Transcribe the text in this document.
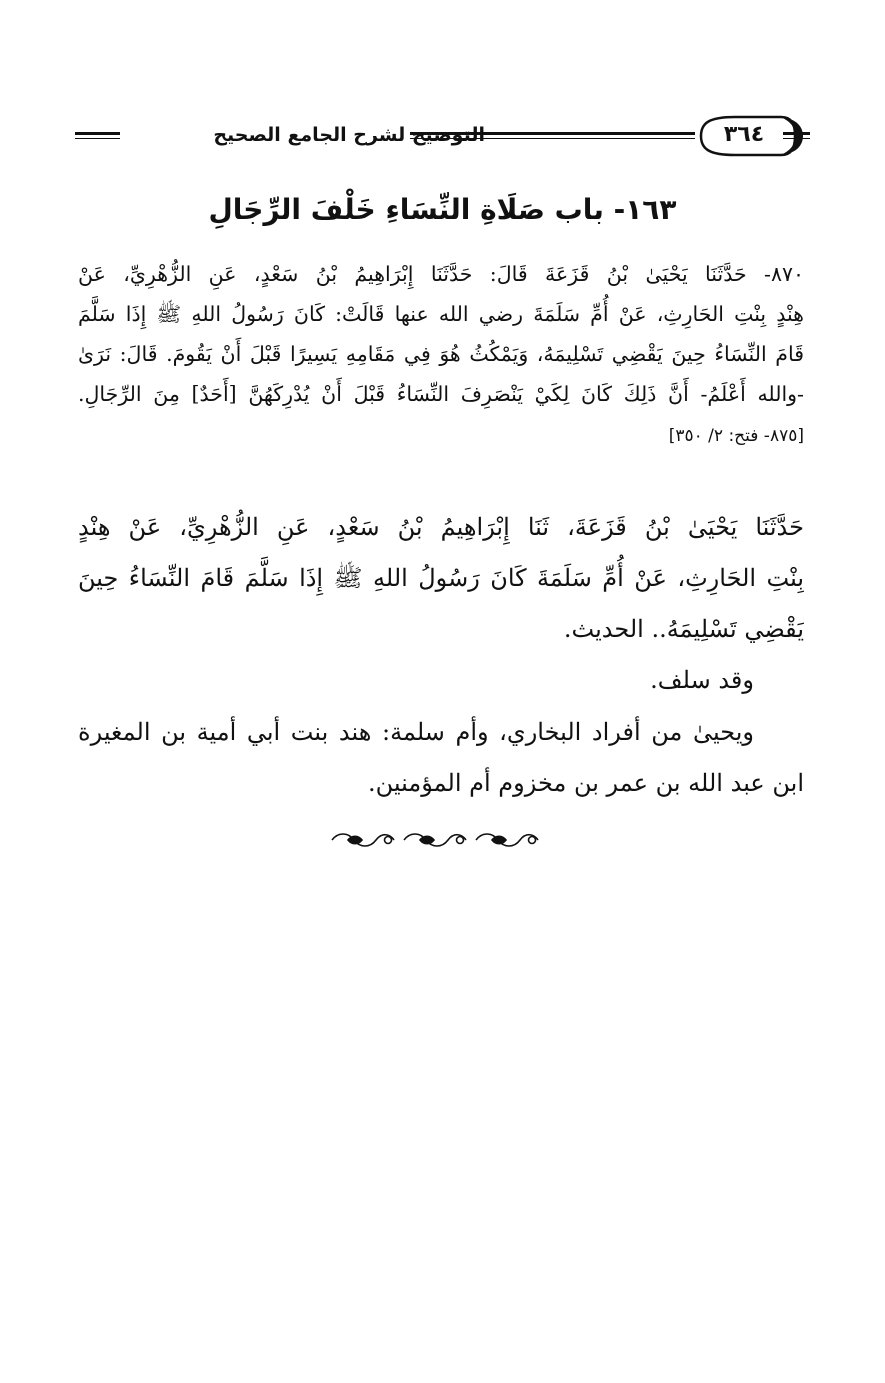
التوضيح لشرح الجامع الصحيح	٣٦٤
١٦٣- باب صَلَاةِ النِّسَاءِ خَلْفَ الرِّجَالِ
٨٧٠- حَدَّثَنَا يَحْيَىٰ بْنُ قَزَعَةَ قَالَ: حَدَّثَنَا إِبْرَاهِيمُ بْنُ سَعْدٍ، عَنِ الزُّهْرِيِّ، عَنْ
هِنْدٍ بِنْتِ الحَارِثِ، عَنْ أُمِّ سَلَمَةَ رضي الله عنها قَالَتْ: كَانَ رَسُولُ اللهِ ﷺ إِذَا سَلَّمَ
قَامَ النِّسَاءُ حِينَ يَقْضِي تَسْلِيمَهُ، وَيَمْكُثُ هُوَ فِي مَقَامِهِ يَسِيرًا قَبْلَ أَنْ يَقُومَ. قَالَ: نَرَىٰ
-والله أَعْلَمُ- أَنَّ ذَلِكَ كَانَ لِكَيْ يَنْصَرِفَ النِّسَاءُ قَبْلَ أَنْ يُدْرِكَهُنَّ [أَحَدٌ] مِنَ الرِّجَالِ.
[٨٧٥- فتح: ٢/ ٣٥٠]
حَدَّثَنَا يَحْيَىٰ بْنُ قَزَعَةَ، ثَنَا إِبْرَاهِيمُ بْنُ سَعْدٍ، عَنِ الزُّهْرِيِّ، عَنْ هِنْدٍ
بِنْتِ الحَارِثِ، عَنْ أُمِّ سَلَمَةَ كَانَ رَسُولُ اللهِ ﷺ إِذَا سَلَّمَ قَامَ النِّسَاءُ حِينَ
يَقْضِي تَسْلِيمَهُ.. الحديث.
وقد سلف.
ويحيىٰ من أفراد البخاري، وأم سلمة: هند بنت أبي أمية بن المغيرة
ابن عبد الله بن عمر بن مخزوم أم المؤمنين.
